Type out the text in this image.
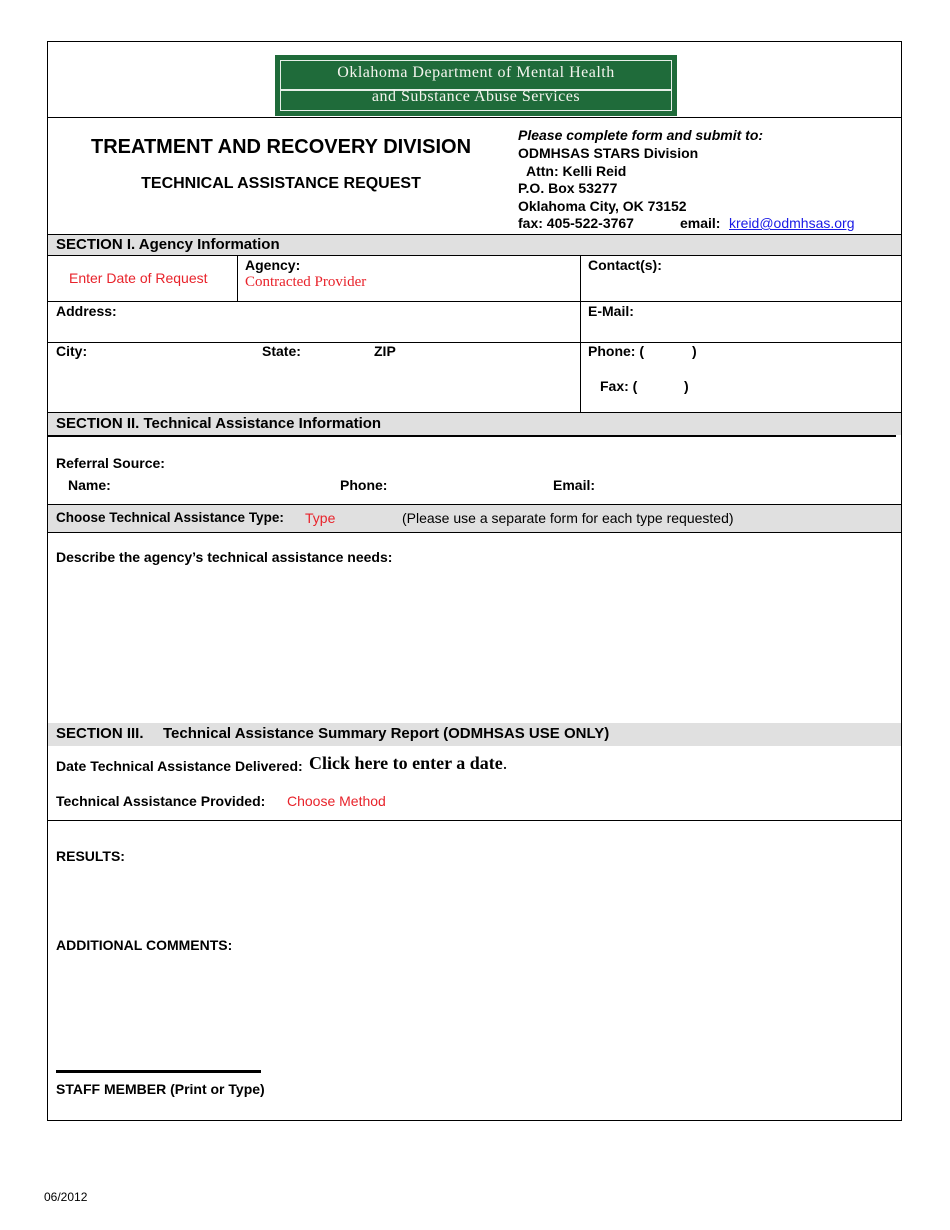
Oklahoma Department of Mental Health
and Substance Abuse Services
TREATMENT AND RECOVERY DIVISION
TECHNICAL ASSISTANCE REQUEST
Please complete form and submit to:
ODMHSAS STARS Division
Attn: Kelli Reid
P.O. Box 53277
Oklahoma City, OK 73152
fax: 405-522-3767	email: kreid@odmhsas.org
SECTION I. Agency Information
Enter Date of Request
Agency:
Contracted Provider
Contact(s):
Address:	E-Mail:
City:	State:	ZIP	Phone: (	)
Fax: (	)
SECTION II. Technical Assistance Information
Referral Source:
Name:	Phone:	Email:
Choose Technical Assistance Type: Type	(Please use a separate form for each type requested)
Describe the agency’s technical assistance needs:
SECTION III. Technical Assistance Summary Report (ODMHSAS USE ONLY)
Date Technical Assistance Delivered: Click here to enter a date.
Technical Assistance Provided: Choose Method
RESULTS:
ADDITIONAL COMMENTS:
STAFF MEMBER (Print or Type)
06/2012
